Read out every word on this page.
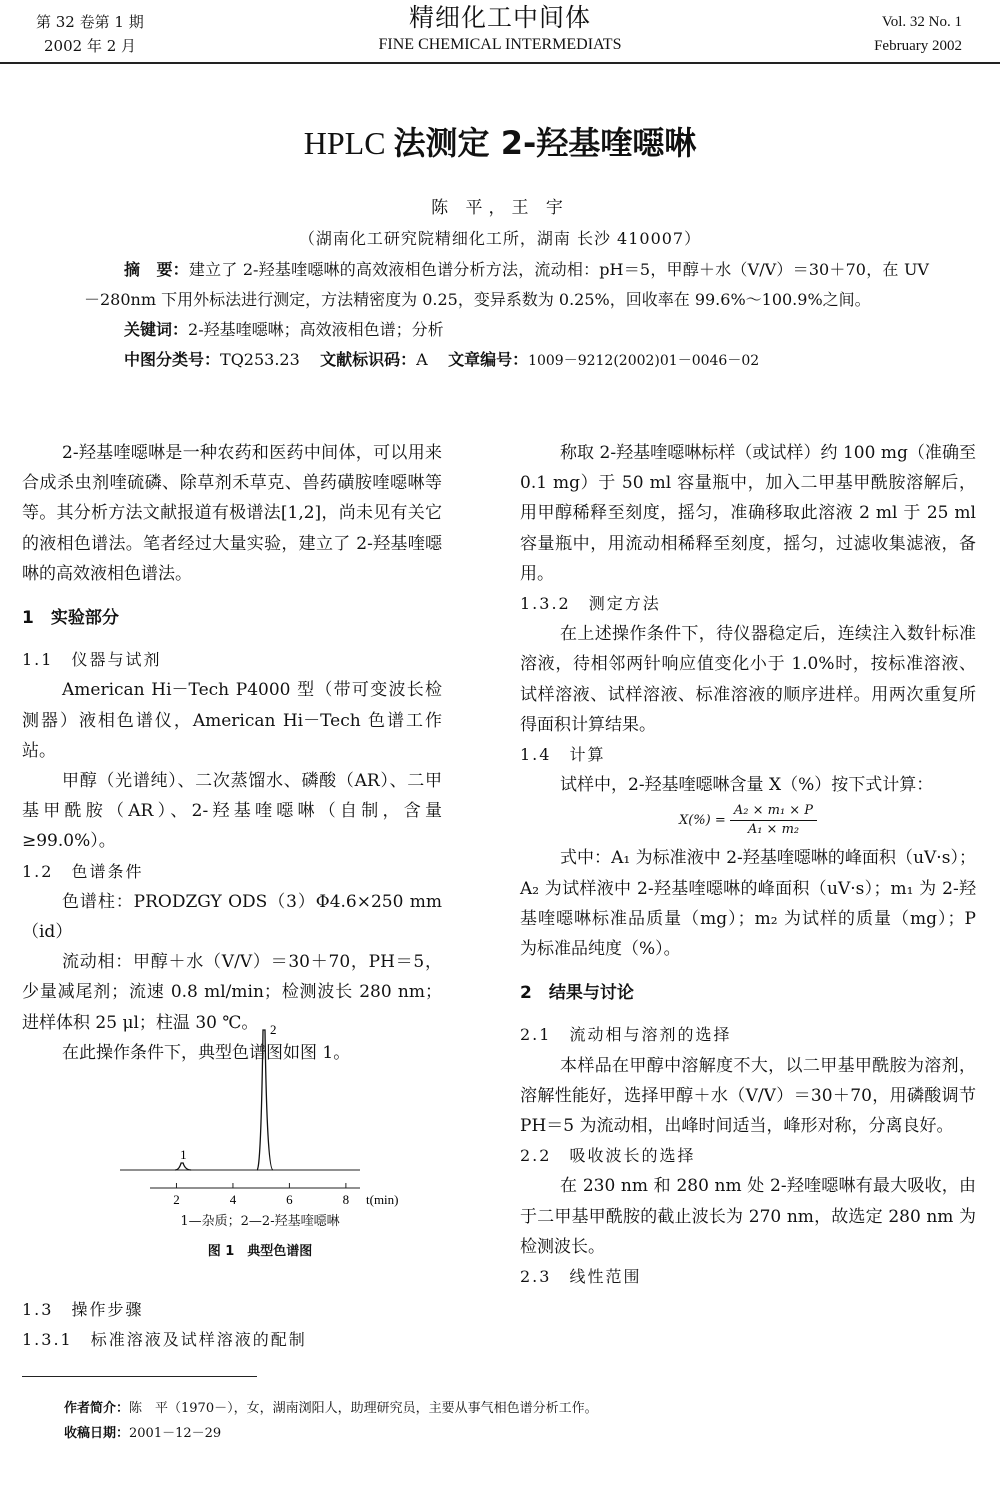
第 32 卷第 1 期
2002 年 2 月
精细化工中间体
FINE CHEMICAL INTERMEDIATS
Vol. 32 No. 1
February 2002
HPLC 法测定 2-羟基喹噁啉
陈 平，王 宇
（湖南化工研究院精细化工所，湖南 长沙 410007）

摘　要：建立了 2-羟基喹噁啉的高效液相色谱分析方法，流动相：pH＝5，甲醇＋水（V/V）＝30＋70，在 UV－280nm 下用外标法进行测定，方法精密度为 0.25，变异系数为 0.25%，回收率在 99.6%～100.9%之间。

关键词：2-羟基喹噁啉；高效液相色谱；分析

中图分类号：TQ253.23 文献标识码：A 文章编号：1009－9212(2002)01－0046－02

2-羟基喹噁啉是一种农药和医药中间体，可以用来合成杀虫剂喹硫磷、除草剂禾草克、兽药磺胺喹噁啉等等。其分析方法文献报道有极谱法[1,2]，尚未见有关它的液相色谱法。笔者经过大量实验，建立了 2-羟基喹噁啉的高效液相色谱法。

1　实验部分

1.1　仪器与试剂

American Hi－Tech P4000 型（带可变波长检测器）液相色谱仪，American Hi－Tech 色谱工作站。

甲醇（光谱纯）、二次蒸馏水、磷酸（AR）、二甲基甲酰胺（AR）、2-羟基喹噁啉（自制，含量≥99.0%）。

1.2　色谱条件

色谱柱：PRODZGY ODS（3）Φ4.6×250 mm（id）

流动相：甲醇＋水（V/V）＝30＋70，PH＝5，少量减尾剂；流速 0.8 ml/min；检测波长 280 nm；进样体积 25 μl；柱温 30 ℃。

在此操作条件下，典型色谱图如图 1。

2	4	6	8 t(min)
1
2
1—杂质；2—2-羟基喹噁啉
图 1　典型色谱图

1.3　操作步骤

1.3.1　标准溶液及试样溶液的配制

称取 2-羟基喹噁啉标样（或试样）约 100 mg（准确至 0.1 mg）于 50 ml 容量瓶中，加入二甲基甲酰胺溶解后，用甲醇稀释至刻度，摇匀，准确移取此溶液 2 ml 于 25 ml 容量瓶中，用流动相稀释至刻度，摇匀，过滤收集滤液，备用。

1.3.2　测定方法

在上述操作条件下，待仪器稳定后，连续注入数针标准溶液，待相邻两针响应值变化小于 1.0%时，按标准溶液、试样溶液、试样溶液、标准溶液的顺序进样。用两次重复所得面积计算结果。

1.4　计算

试样中，2-羟基喹噁啉含量 X（%）按下式计算：

$X(\%) = \frac{\text{A₂ × m₁ × P}}{\text{A₁ × m₂}}$

式中：A₁ 为标准液中 2-羟基喹噁啉的峰面积（uV·s）；A₂ 为试样液中 2-羟基喹噁啉的峰面积（uV·s）；m₁ 为 2-羟基喹噁啉标准品质量（mg）；m₂ 为试样的质量（mg）；P 为标准品纯度（%）。

2　结果与讨论

2.1　流动相与溶剂的选择

本样品在甲醇中溶解度不大，以二甲基甲酰胺为溶剂，溶解性能好，选择甲醇＋水（V/V）＝30＋70，用磷酸调节 PH＝5 为流动相，出峰时间适当，峰形对称，分离良好。

2.2　吸收波长的选择

在 230 nm 和 280 nm 处 2-羟喹噁啉有最大吸收，由于二甲基甲酰胺的截止波长为 270 nm，故选定 280 nm 为检测波长。

2.3　线性范围

作者简介：陈　平（1970－），女，湖南浏阳人，助理研究员，主要从事气相色谱分析工作。
收稿日期：2001－12－29
